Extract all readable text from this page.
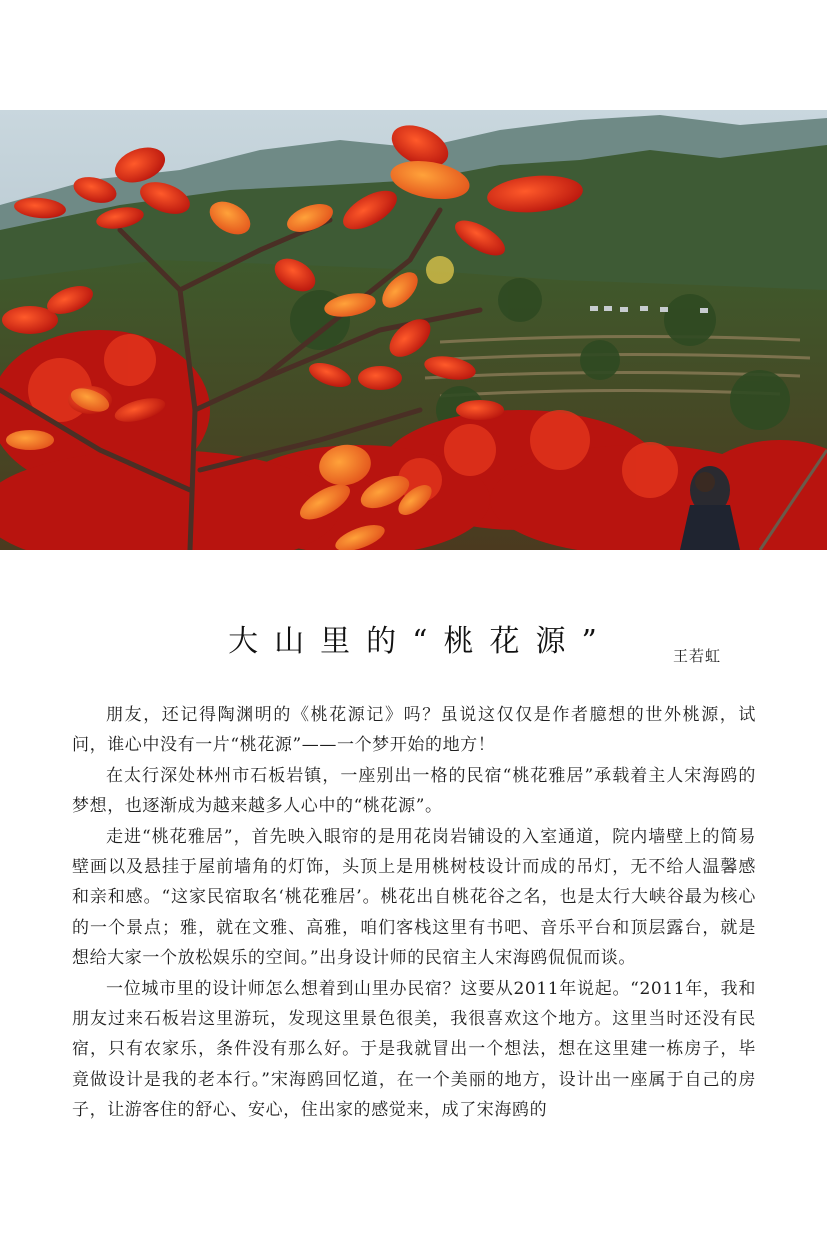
大山里的“桃花源”	王若虹

朋友，还记得陶渊明的《桃花源记》吗？虽说这仅仅是作者臆想的世外桃源，试问，谁心中没有一片“桃花源”——一个梦开始的地方！

在太行深处林州市石板岩镇，一座别出一格的民宿“桃花雅居”承载着主人宋海鸥的梦想，也逐渐成为越来越多人心中的“桃花源”。

走进“桃花雅居”，首先映入眼帘的是用花岗岩铺设的入室通道，院内墙壁上的简易壁画以及悬挂于屋前墙角的灯饰，头顶上是用桃树枝设计而成的吊灯，无不给人温馨感和亲和感。“这家民宿取名‘桃花雅居’。桃花出自桃花谷之名，也是太行大峡谷最为核心的一个景点；雅，就在文雅、高雅，咱们客栈这里有书吧、音乐平台和顶层露台，就是想给大家一个放松娱乐的空间。”出身设计师的民宿主人宋海鸥侃侃而谈。

一位城市里的设计师怎么想着到山里办民宿？这要从2011年说起。“2011年，我和朋友过来石板岩这里游玩，发现这里景色很美，我很喜欢这个地方。这里当时还没有民宿，只有农家乐，条件没有那么好。于是我就冒出一个想法，想在这里建一栋房子，毕竟做设计是我的老本行。”宋海鸥回忆道，在一个美丽的地方，设计出一座属于自己的房子，让游客住的舒心、安心，住出家的感觉来，成了宋海鸥的
